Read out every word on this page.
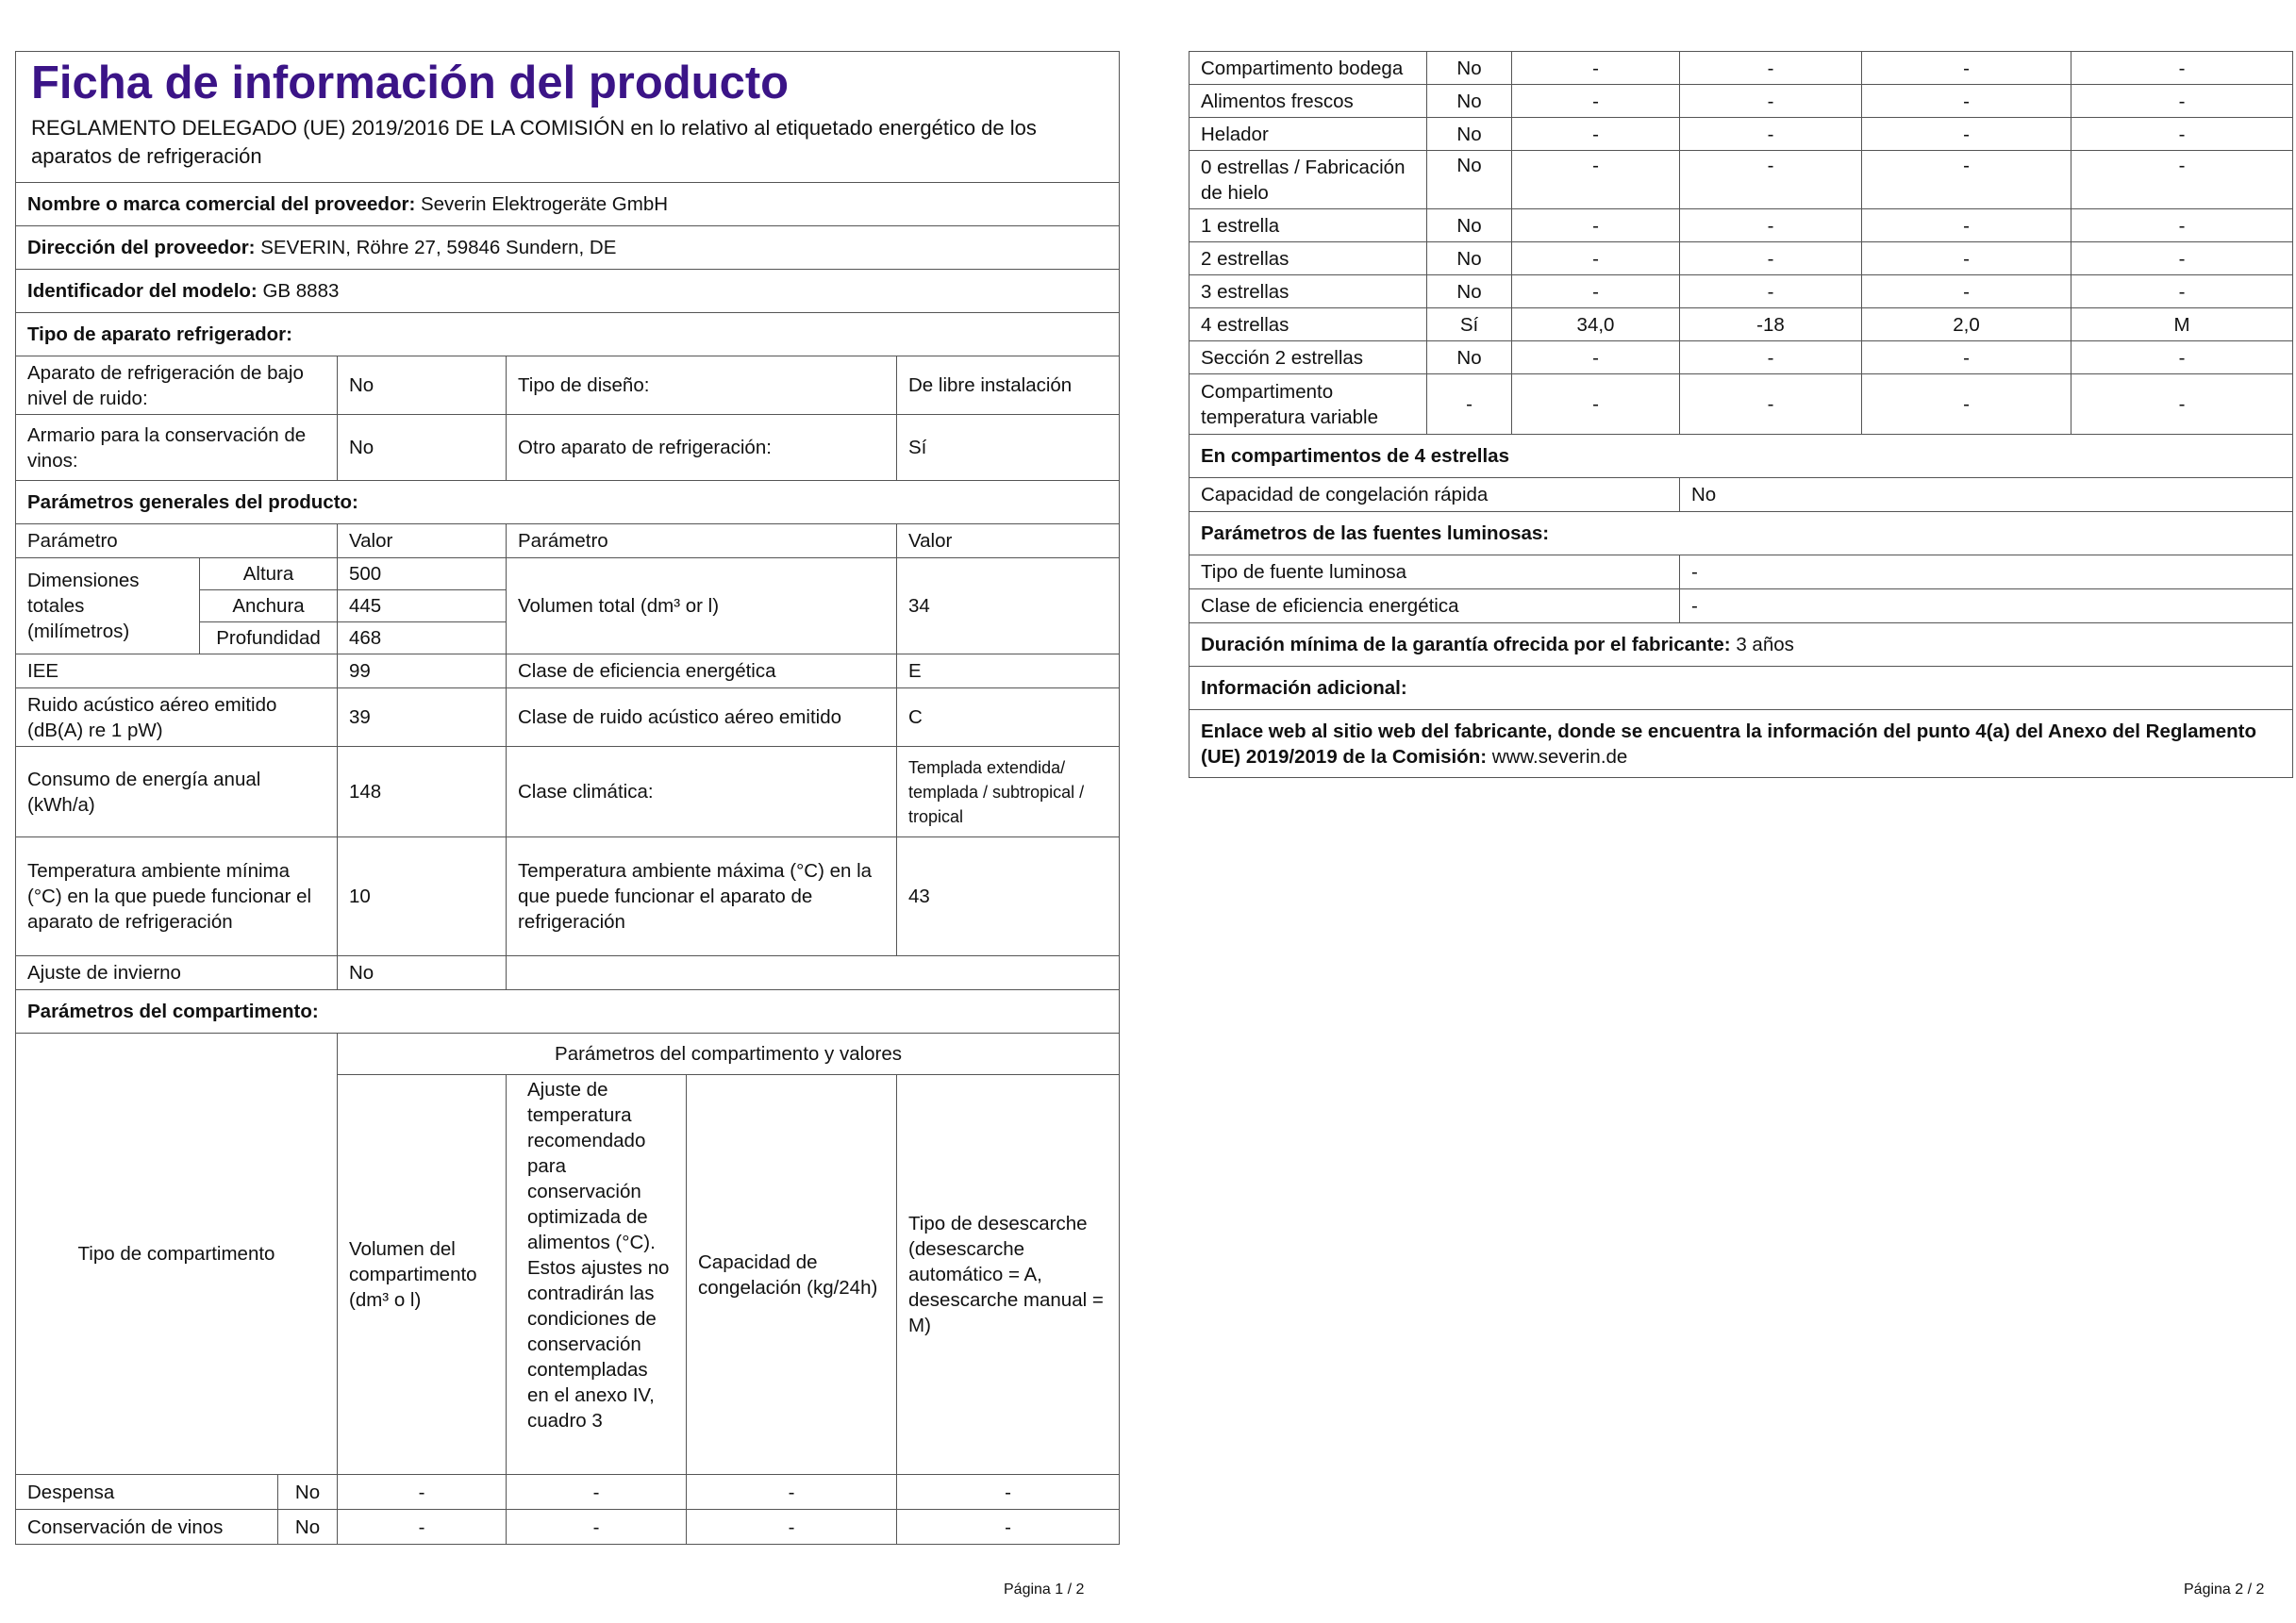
Ficha de información del producto					
REGLAMENTO DELEGADO (UE) 2019/2016 DE LA COMISIÓN en lo relativo al etiquetado energético de los aparatos de refrigeración					
Nombre o marca comercial del proveedor: Severin Elektrogeräte GmbH					
Dirección del proveedor: SEVERIN, Röhre 27, 59846 Sundern, DE					
Identificador del modelo: GB 8883					
Tipo de aparato refrigerador:					
Aparato de refrigeración de bajo nivel de ruido:		No	Tipo de diseño:		De libre instalación
Armario para la conservación de vinos:		No	Otro aparato de refrigeración:		Sí
Parámetros generales del producto:					
Parámetro		Valor	Parámetro		Valor
Dimensiones totales (milímetros)	Altura	500	Volumen total (dm³ or l)		34
	Anchura	445			
	Profundidad	468			
IEE		99	Clase de eficiencia energética		E
Ruido acústico aéreo emitido (dB(A) re 1 pW)		39	Clase de ruido acústico aéreo emitido		C
Consumo de energía anual (kWh/a)		148	Clase climática:		Templada extendida/ templada / subtropical / tropical
Temperatura ambiente mínima (°C) en la que puede funcionar el aparato de refrigeración		10	Temperatura ambiente máxima (°C) en la que puede funcionar el aparato de refrigeración		43
Ajuste de invierno		No			
Parámetros del compartimento:					
Tipo de compartimento		Parámetros del compartimento y valores			
		Volumen del compartimento (dm³ o l)	Ajuste de temperatura recomendado para conservación optimizada de alimentos (°C). Estos ajustes no contradirán las condiciones de conservación contempladas en el anexo IV, cuadro 3	Capacidad de congelación (kg/24h)	Tipo de desescarche (desescarche automático = A, desescarche manual = M)

Despensa No		-	-	-	-

Conservación de vinos No		-	-	-	-
Página 1 / 2
Compartimento bodega	No	-	-	-	-
Alimentos frescos	No	-	-	-	-
Helador	No	-	-	-	-
0 estrellas / Fabricación de hielo	No	-	-	-	-
1 estrella	No	-	-	-	-
2 estrellas	No	-	-	-	-
3 estrellas	No	-	-	-	-
4 estrellas	Sí	34,0	-18	2,0	M
Sección 2 estrellas	No	-	-	-	-
Compartimento temperatura variable	-	-	-	-	-
En compartimentos de 4 estrellas					
Capacidad de congelación rápida			No		
Parámetros de las fuentes luminosas:					
Tipo de fuente luminosa			-		
Clase de eficiencia energética			-		
Duración mínima de la garantía ofrecida por el fabricante: 3 años					
Información adicional:					
Enlace web al sitio web del fabricante, donde se encuentra la información del punto 4(a) del Anexo del Reglamento (UE) 2019/2019 de la Comisión: www.severin.de					
Página 2 / 2
